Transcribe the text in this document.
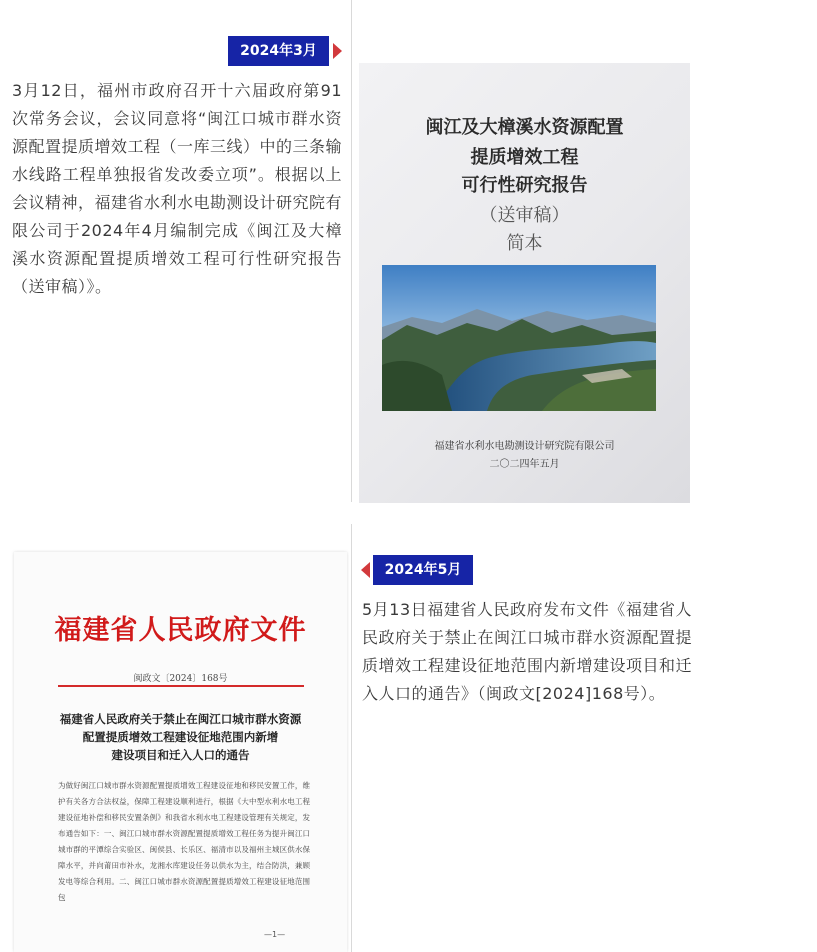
2024年3月
3月12日，福州市政府召开十六届政府第91次常务会议，会议同意将“闽江口城市群水资源配置提质增效工程（一库三线）中的三条输水线路工程单独报省发改委立项”。根据以上会议精神，福建省水利水电勘测设计研究院有限公司于2024年4月编制完成《闽江及大樟溪水资源配置提质增效工程可行性研究报告（送审稿）》。
闽江及大樟溪水资源配置
提质增效工程
可行性研究报告
（送审稿）
简本
福建省水利水电勘测设计研究院有限公司
二〇二四年五月
2024年5月
5月13日福建省人民政府发布文件《福建省人民政府关于禁止在闽江口城市群水资源配置提质增效工程建设征地范围内新增建设项目和迁入人口的通告》（闽政文[2024]168号）。
福建省人民政府文件
闽政文〔2024〕168号
福建省人民政府关于禁止在闽江口城市群水资源
配置提质增效工程建设征地范围内新增
建设项目和迁入人口的通告
为做好闽江口城市群水资源配置提质增效工程建设征地和移民安置工作，维护有关各方合法权益，保障工程建设顺利进行，根据《大中型水利水电工程建设征地补偿和移民安置条例》和我省水利水电工程建设管理有关规定，发布通告如下：一、闽江口城市群水资源配置提质增效工程任务为提升闽江口城市群的平潭综合实验区、闽侯县、长乐区、福清市以及福州主城区供水保障水平，并向莆田市补水，龙湘水库建设任务以供水为主，结合防洪，兼顾发电等综合利用。二、闽江口城市群水资源配置提质增效工程建设征地范围包
—1—
